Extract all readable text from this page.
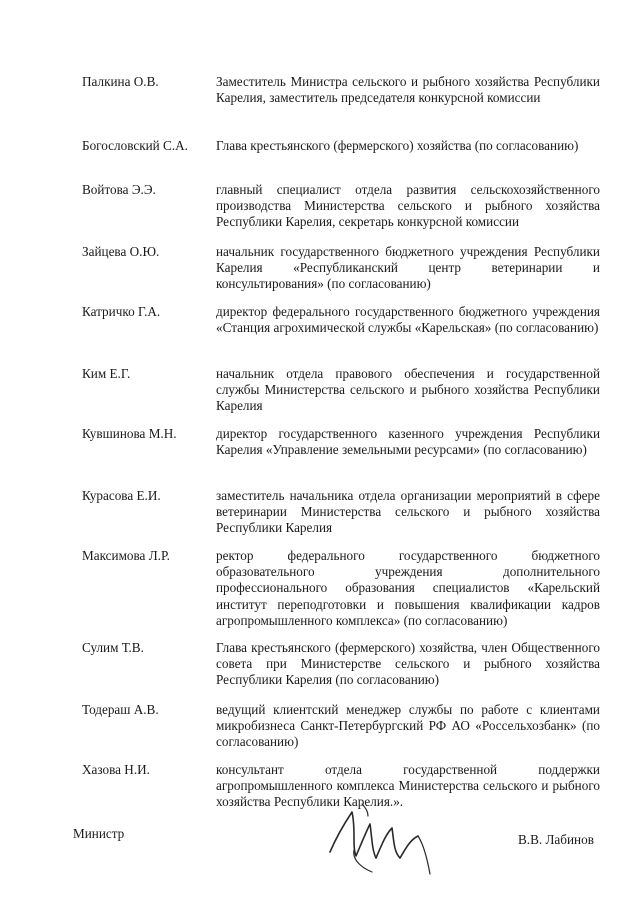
Палкина О.В.	Заместитель Министра сельского и рыбного хозяйства Республики Карелия, заместитель председателя конкурсной комиссии
Богословский С.А.	Глава крестьянского (фермерского) хозяйства (по согласованию)
Войтова Э.Э.	главный специалист отдела развития сельскохозяйственного производства Министерства сельского и рыбного хозяйства Республики Карелия, секретарь конкурсной комиссии
Зайцева О.Ю.	начальник государственного бюджетного учреждения Республики Карелия «Республиканский центр ветеринарии и консультирования» (по согласованию)
Катричко Г.А.	директор федерального государственного бюджетного учреждения «Станция агрохимической службы «Карельская» (по согласованию)
Ким Е.Г.	начальник отдела правового обеспечения и государственной службы Министерства сельского и рыбного хозяйства Республики Карелия
Кувшинова М.Н.	директор государственного казенного учреждения Республики Карелия «Управление земельными ресурсами» (по согласованию)
Курасова Е.И.	заместитель начальника отдела организации мероприятий в сфере ветеринарии Министерства сельского и рыбного хозяйства Республики Карелия
Максимова Л.Р.	ректор федерального государственного бюджетного образовательного учреждения дополнительного профессионального образования специалистов «Карельский институт переподготовки и повышения квалификации кадров агропромышленного комплекса» (по согласованию)
Сулим Т.В.	Глава крестьянского (фермерского) хозяйства, член Общественного совета при Министерстве сельского и рыбного хозяйства Республики Карелия (по согласованию)
Тодераш А.В.	ведущий клиентский менеджер службы по работе с клиентами микробизнеса Санкт-Петербургский РФ АО «Россельхозбанк» (по согласованию)
Хазова Н.И.	консультант отдела государственной поддержки агропромышленного комплекса Министерства сельского и рыбного хозяйства Республики Карелия.».
Министр	В.В. Лабинов
